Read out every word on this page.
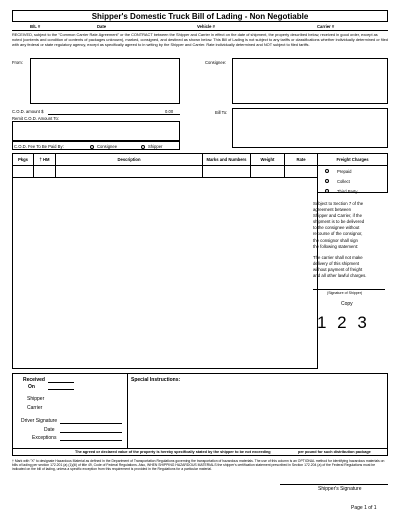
Shipper's Domestic Truck Bill of Lading - Non Negotiable
B/L #	Date	Vehicle #	Carrier #
RECEIVED, subject to the "Common Carrier Rate Agreement" or the CONTRACT between the Shipper and Carrier in effect on the date of shipment, the property described below, received in good order, except as noted (contents and condition of contents of packages unknown), marked, consigned, and destined as shown below. This Bill of Lading is not subject to any tariffs or classifications whether individually determined or filed with any federal or state regulatory agency, except as specifically agreed to in writing by the Shipper and Carrier. Rate individually determined and NOT subject to filed tariffs.
From:	Consignee:
C.O.D. amount $	0.00
Remit C.O.D. Amount To:
Bill To:
C.O.D. Fee To Be Paid By:	Consignee	Shipper
Pkgs	† HM	Description	Marks and Numbers	Weight	Rate	Freight Charges
Prepaid
Collect
Third Party
Subject to Section 7 of the
agreement between
Shipper and Carrier, if the
shipment is to be delivered
to the consignee without
recourse of the consignor,
the consignor shall sign
the following statement:
The carrier shall not make
delivery of this shipment
without payment of freight
and all other lawful charges.
(Signature of Shipper)
Copy
1 2 3
Received
On
Shipper
Carrier
Driver Signature
Date
Exceptions
Special Instructions:
The agreed or declared value of the property is hereby specifically stated by the shipper to be not exceeding	per pound for such distribution package
† Mark with "X" to designate Hazardous Material as defined in the Department of Transportation Regulations governing the transportation of hazardous materials. The use of this column is an OPTIONAL method for identifying hazardous materials on bills of lading per section 172.201 (a) (1)(iii) of title 49, Code of Federal Regulations. Also, WHEN SHIPPING HAZARDOUS MATERIALS the shipper's certification statement prescribed in Section 172.204 (a) of the Federal Regulations must be indicated on the bill of lading, unless a specific exception from this requirement is provided in the Regulations for a particular material.
Shipper's Signature
Page 1 of 1
